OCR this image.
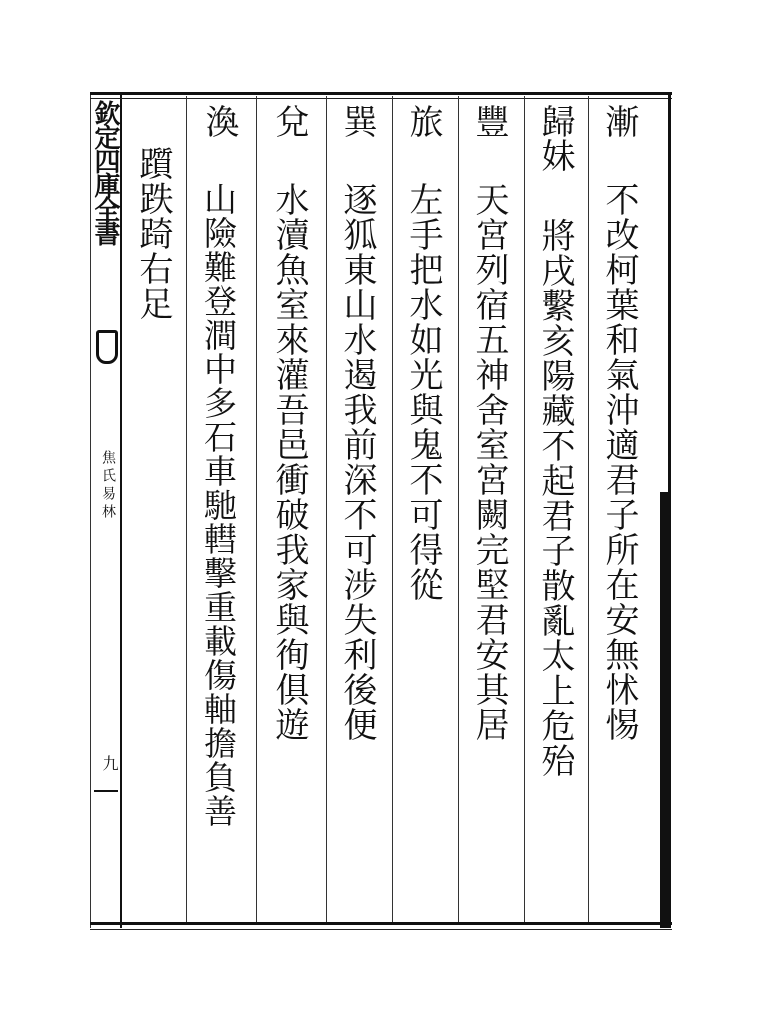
欽定四庫全書
焦氏易林
九
漸
不改柯葉和氣沖適君子所在安無怵惕
歸妹
將戌繫亥陽藏不起君子散亂太上危殆
豐
天宮列宿五神舍室宮闕完堅君安其居
旅
左手把水如光與鬼不可得從
巽
逐狐東山水遏我前深不可涉失利後便
兌
水瀆魚室來灌吾邑衝破我家與徇俱遊
渙
山險難登澗中多石車馳轊擊重載傷軸擔負善
躓跌踦右足
